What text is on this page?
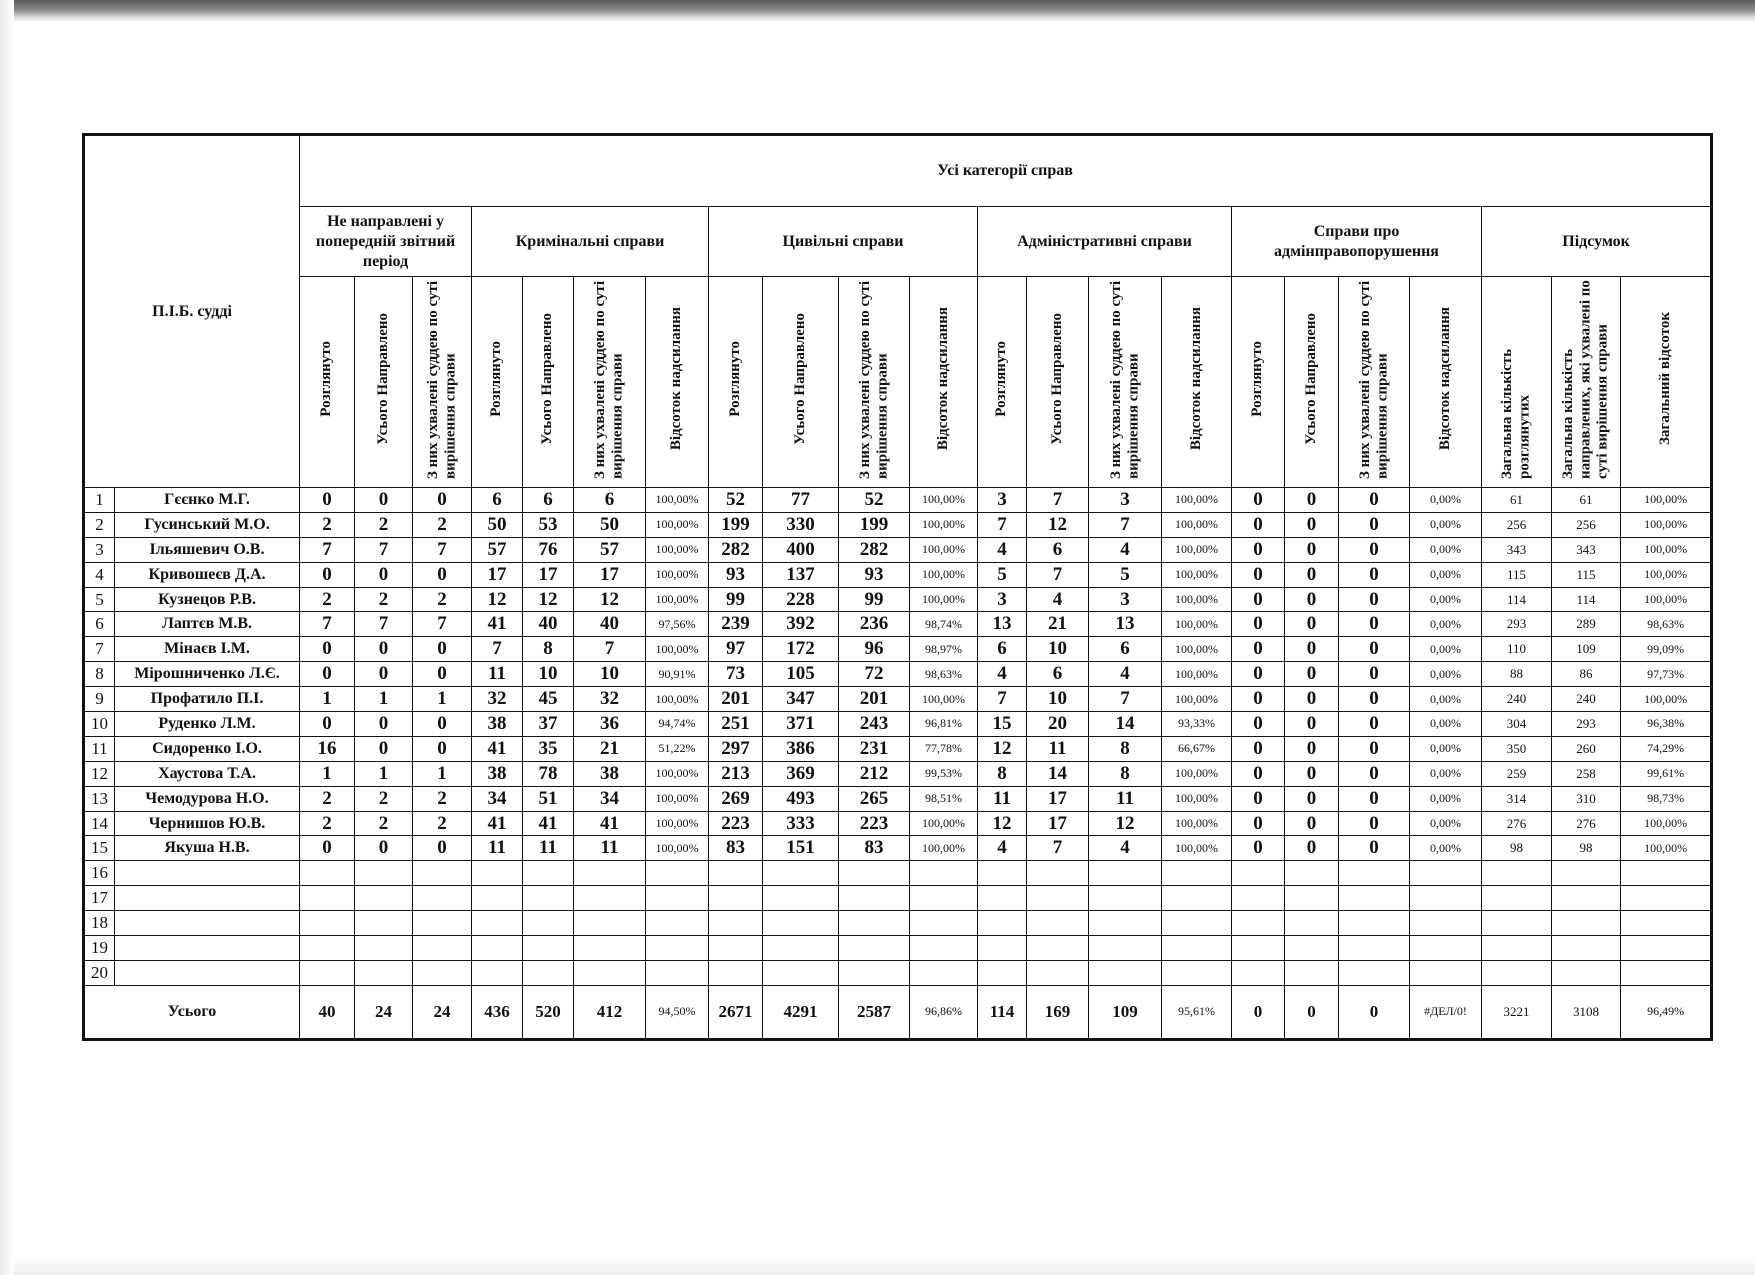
П.І.Б. судді		Усі категорії справ																					
		Не направлені у попередній звітний період			Кримінальні справи				Цивільні справи				Адміністративні справи				Справи про адмінправопорушення				Підсумок		
		Розглянуто	Усього Направлено	З них ухвалені суддею по суті вирішення справи	Розглянуто	Усього Направлено	З них ухвалені суддею по суті вирішення справи	Відсоток надсилання	Розглянуто	Усього Направлено	З них ухвалені суддею по суті вирішення справи	Відсоток надсилання	Розглянуто	Усього Направлено	З них ухвалені суддею по суті вирішення справи	Відсоток надсилання	Розглянуто	Усього Направлено	З них ухвалені суддею по суті вирішення справи	Відсоток надсилання	Загальна кількість розглянутих	Загальна кількість направлених, які ухвалені по суті вирішення справи	Загальний відсоток
1	Гєєнко М.Г.	0	0	0	6	6	6	100,00%	52	77	52	100,00%	3	7	3	100,00%	0	0	0	0,00%	61	61	100,00%
2	Гусинський М.О.	2	2	2	50	53	50	100,00%	199	330	199	100,00%	7	12	7	100,00%	0	0	0	0,00%	256	256	100,00%
3	Ільяшевич О.В.	7	7	7	57	76	57	100,00%	282	400	282	100,00%	4	6	4	100,00%	0	0	0	0,00%	343	343	100,00%
4	Кривошеєв Д.А.	0	0	0	17	17	17	100,00%	93	137	93	100,00%	5	7	5	100,00%	0	0	0	0,00%	115	115	100,00%
5	Кузнецов Р.В.	2	2	2	12	12	12	100,00%	99	228	99	100,00%	3	4	3	100,00%	0	0	0	0,00%	114	114	100,00%
6	Лаптєв М.В.	7	7	7	41	40	40	97,56%	239	392	236	98,74%	13	21	13	100,00%	0	0	0	0,00%	293	289	98,63%
7	Мінаєв І.М.	0	0	0	7	8	7	100,00%	97	172	96	98,97%	6	10	6	100,00%	0	0	0	0,00%	110	109	99,09%
8	Мірошниченко Л.Є.	0	0	0	11	10	10	90,91%	73	105	72	98,63%	4	6	4	100,00%	0	0	0	0,00%	88	86	97,73%
9	Профатило П.І.	1	1	1	32	45	32	100,00%	201	347	201	100,00%	7	10	7	100,00%	0	0	0	0,00%	240	240	100,00%
10	Руденко Л.М.	0	0	0	38	37	36	94,74%	251	371	243	96,81%	15	20	14	93,33%	0	0	0	0,00%	304	293	96,38%
11	Сидоренко І.О.	16	0	0	41	35	21	51,22%	297	386	231	77,78%	12	11	8	66,67%	0	0	0	0,00%	350	260	74,29%
12	Хаустова Т.А.	1	1	1	38	78	38	100,00%	213	369	212	99,53%	8	14	8	100,00%	0	0	0	0,00%	259	258	99,61%
13	Чемодурова Н.О.	2	2	2	34	51	34	100,00%	269	493	265	98,51%	11	17	11	100,00%	0	0	0	0,00%	314	310	98,73%
14	Чернишов Ю.В.	2	2	2	41	41	41	100,00%	223	333	223	100,00%	12	17	12	100,00%	0	0	0	0,00%	276	276	100,00%
15	Якуша Н.В.	0	0	0	11	11	11	100,00%	83	151	83	100,00%	4	7	4	100,00%	0	0	0	0,00%	98	98	100,00%
16																							
17																							
18																							
19																							
20																							
Усього		40	24	24	436	520	412	94,50%	2671	4291	2587	96,86%	114	169	109	95,61%	0	0	0	#ДЕЛ/0!	3221	3108	96,49%
